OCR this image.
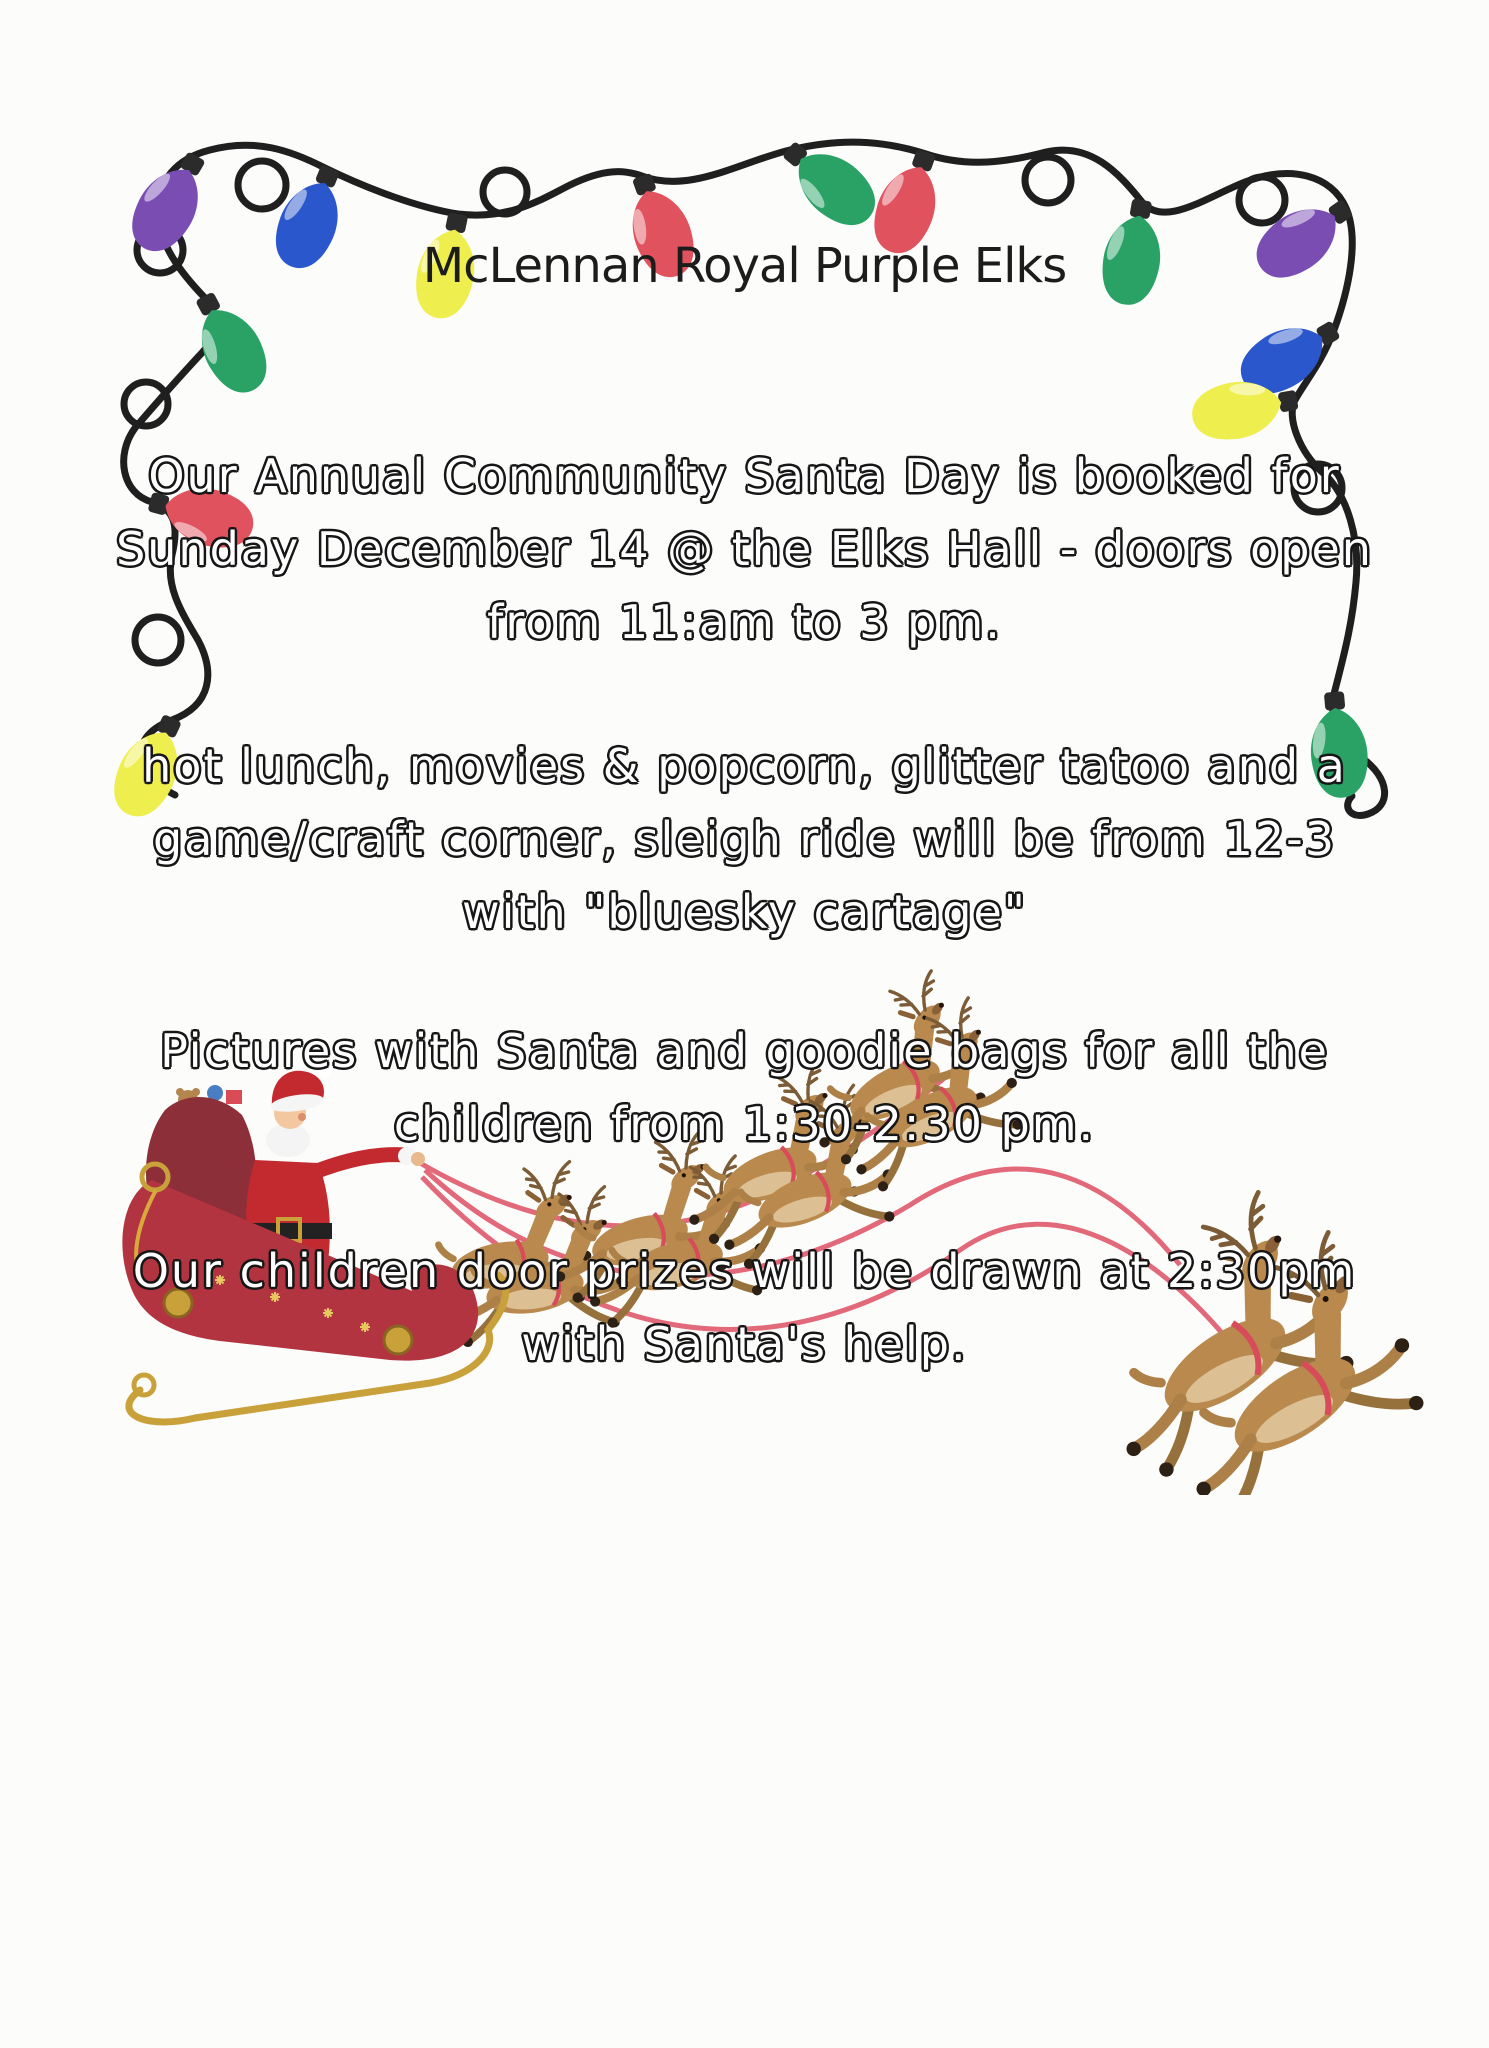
McLennan Royal Purple Elks
Our Annual Community Santa Day is booked for
Sunday December 14 @ the Elks Hall - doors open
from 11:am to 3 pm.
hot lunch, movies & popcorn, glitter tatoo and a
game/craft corner, sleigh ride will be from 12-3
with "bluesky cartage"
Pictures with Santa and goodie bags for all the
children from 1:30-2:30 pm.
Our children door prizes will be drawn at 2:30pm
with Santa's help.
